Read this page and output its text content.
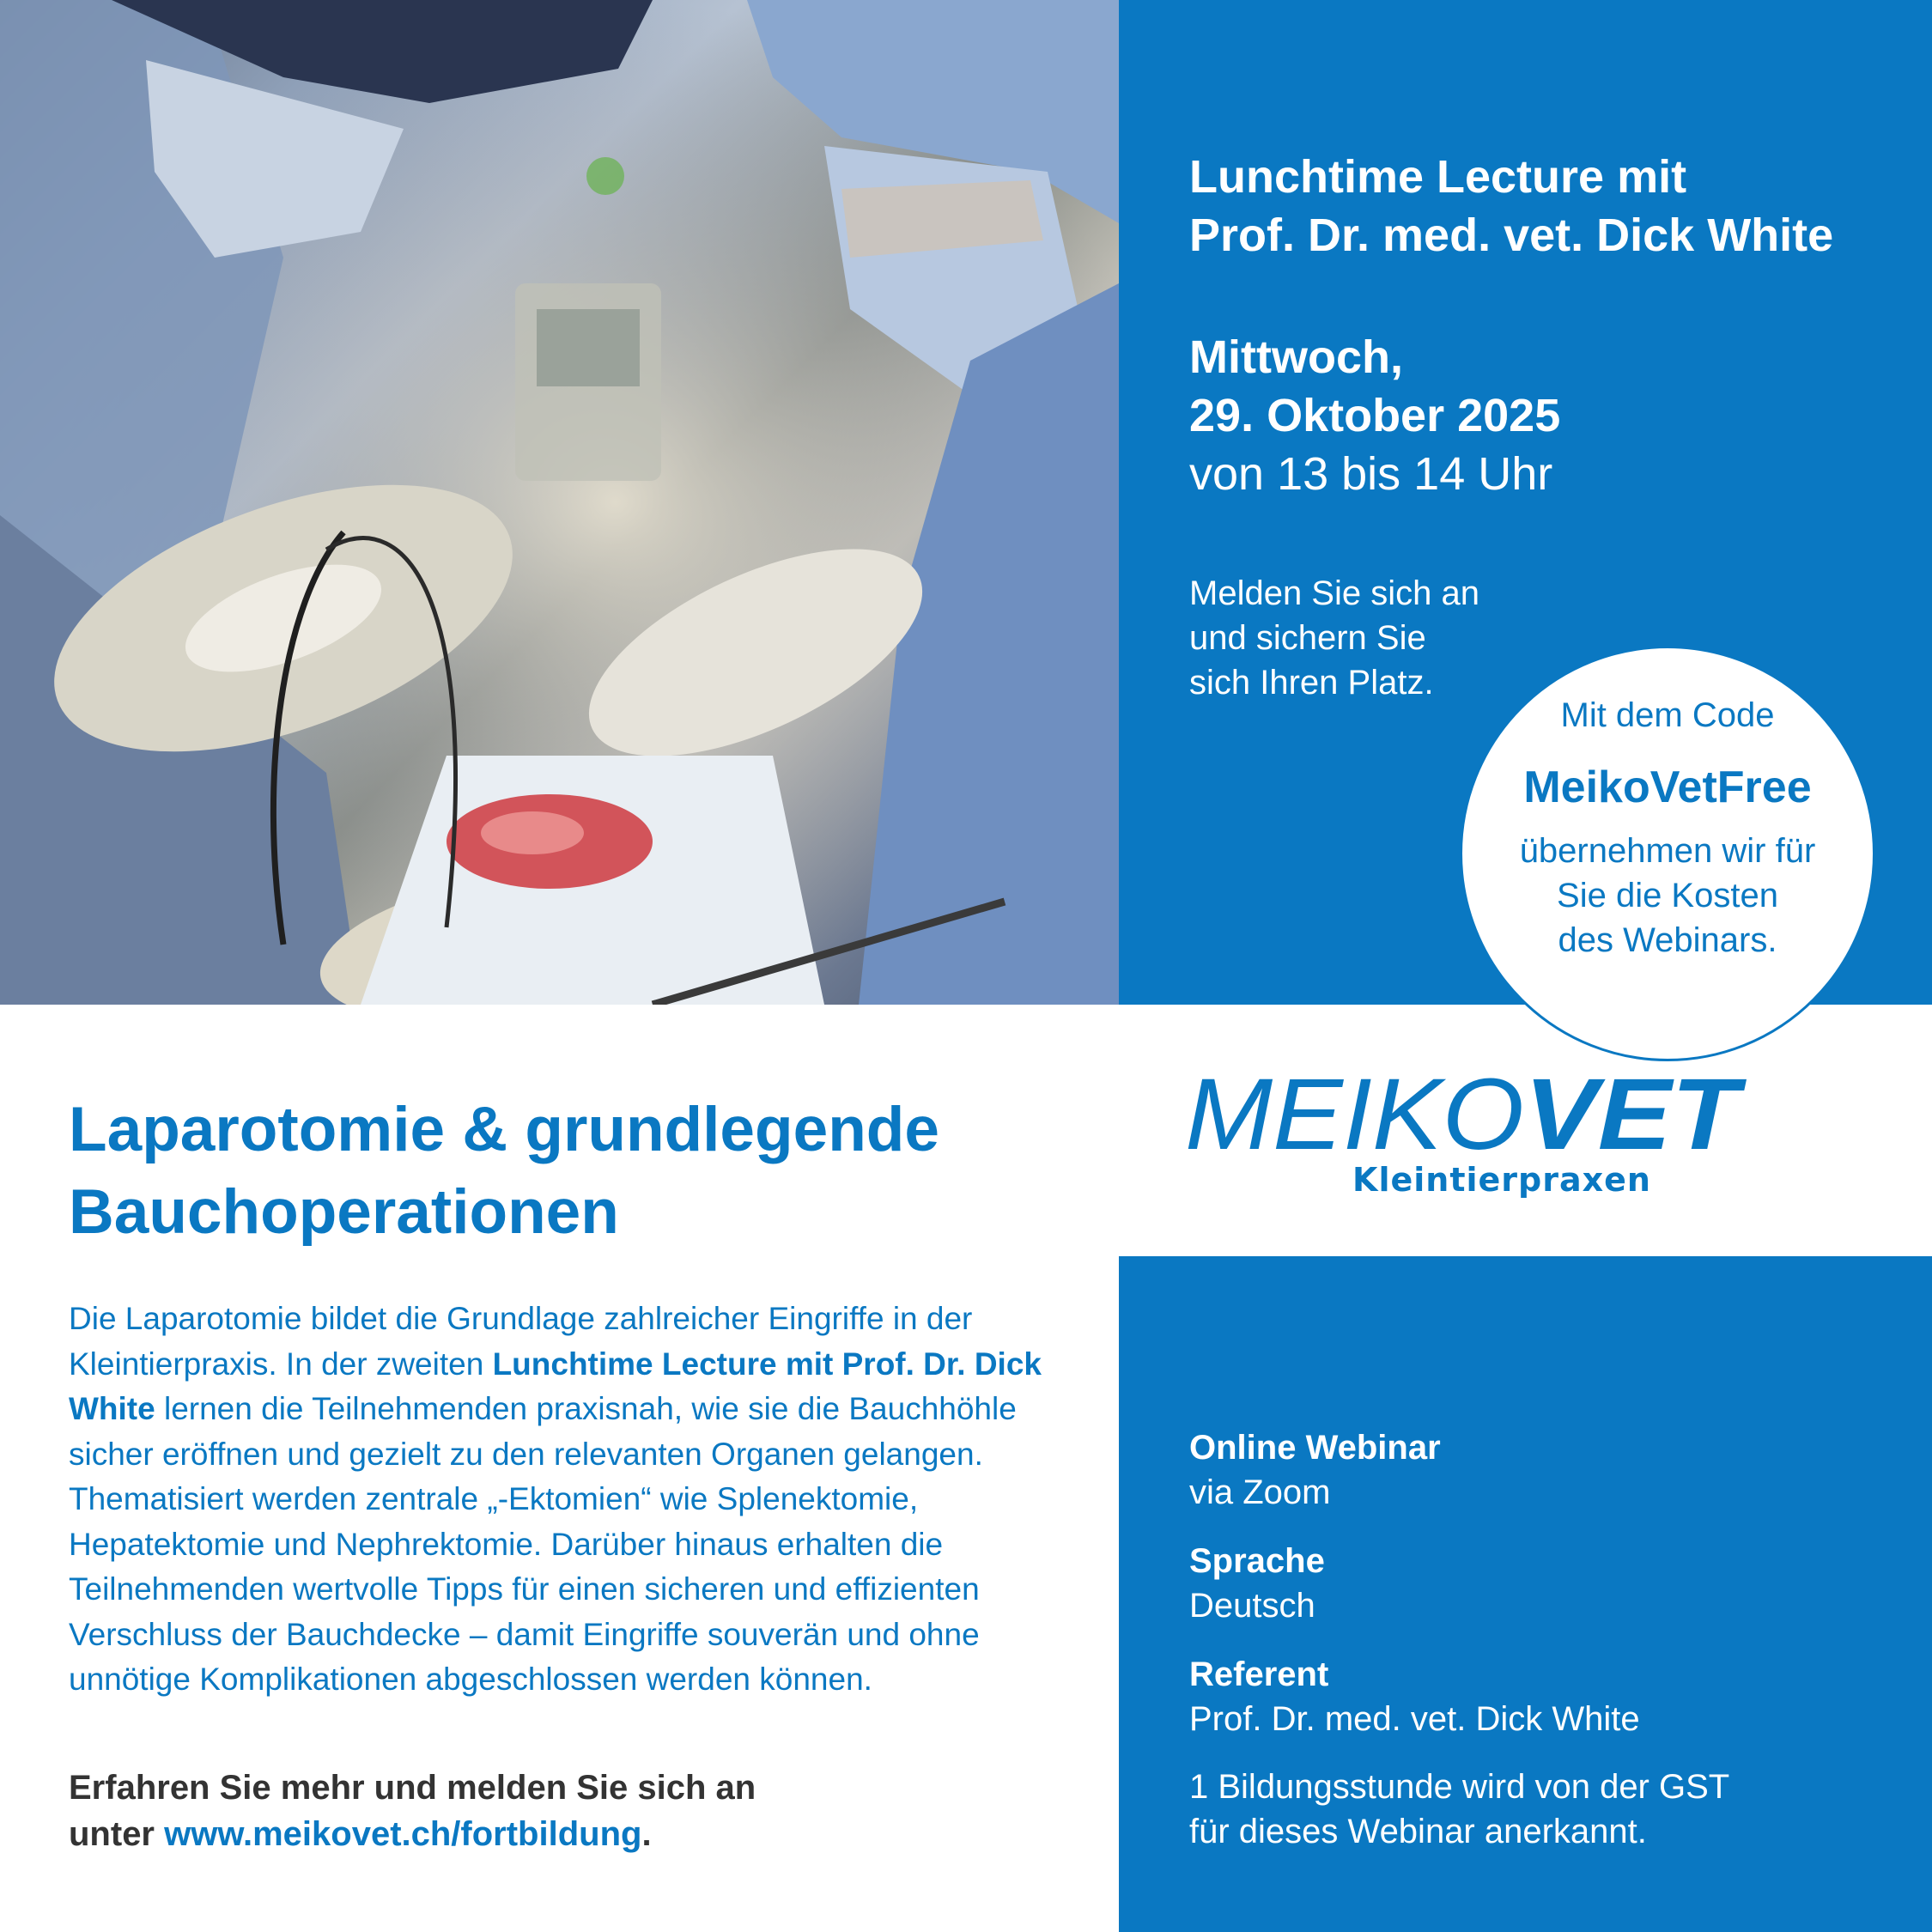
Lunchtime Lecture mit
Prof. Dr. med. vet. Dick White
Mittwoch,
29. Oktober 2025
von 13 bis 14 Uhr
Melden Sie sich an
und sichern Sie
sich Ihren Platz.
Mit dem Code
MeikoVetFree
übernehmen wir für
Sie die Kosten
des Webinars.
MEIKO VET
Kleintierpraxen
Laparotomie & grundlegende
Bauchoperationen
Die Laparotomie bildet die Grundlage zahlreicher Eingriffe in der Kleintierpraxis. In der zweiten Lunchtime Lecture mit Prof. Dr. Dick White lernen die Teilnehmenden praxisnah, wie sie die Bauchhöhle sicher eröffnen und gezielt zu den relevanten Organen gelangen. Thematisiert werden zentrale „-Ektomien“ wie Splenektomie, Hepatektomie und Nephrektomie. Darüber hinaus erhalten die Teilnehmenden wertvolle Tipps für einen sicheren und effizienten Verschluss der Bauchdecke – damit Eingriffe souverän und ohne unnötige Komplikationen abgeschlossen werden können.
Erfahren Sie mehr und melden Sie sich an
unter www.meikovet.ch/fortbildung.
Online Webinar
via Zoom
Sprache
Deutsch
Referent
Prof. Dr. med. vet. Dick White
1 Bildungsstunde wird von der GST
für dieses Webinar anerkannt.
